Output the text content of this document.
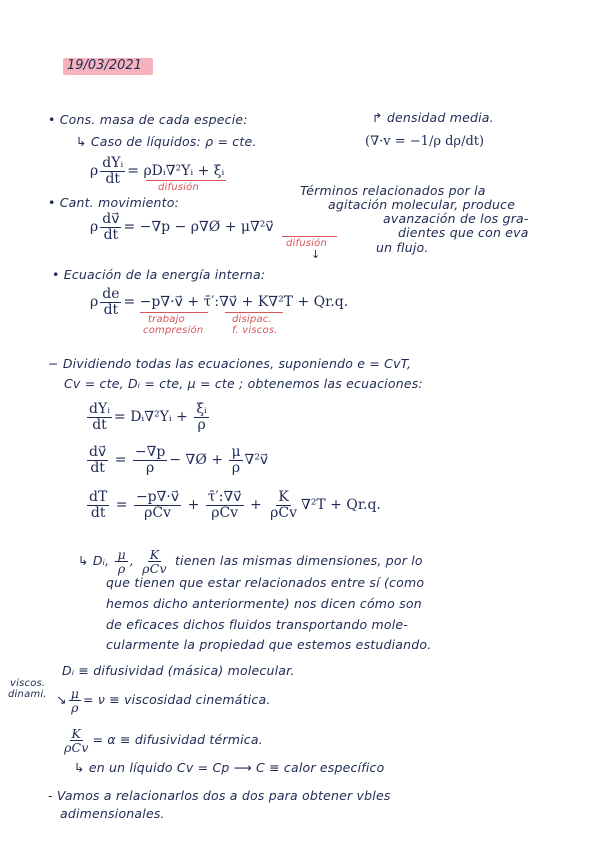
19/03/2021
• Cons. masa de cada especie:
↳ Caso de líquidos: ρ = cte.
↱ densidad media.
(∇·v = −1/ρ dρ/dt)
ρ $\frac{\text{dYᵢ}}{dt}$ = ρDᵢ∇²Yᵢ + ξᵢ
difusión
• Cant. movimiento:
ρ $\frac{dv⃗}{dt} = -\nabla p$ − ρ∇Ø + μ∇²v⃗
difusión
Términos relacionados por la
agitación molecular, produce
avanzación de los gra-
dientes que con eva
un flujo.
↓
• Ecuación de la energía interna:
ρ $\frac{de}{dt}$ = −p∇·v⃗ + τ̄′:∇v⃗ + K∇²T + Qr.q.
trabajo
compresión
disipac.
f. viscos.
− Dividiendo todas las ecuaciones, suponiendo e = CvT,
Cv = cte, Dᵢ = cte, μ = cte ; obtenemos las ecuaciones:
$\frac{\text{dYᵢ}}{dt}$ = Dᵢ∇²Yᵢ + $\frac{\text{ξᵢ}}{\rho}$
$\frac{dv⃗}{dt} = \frac{-\nabla p}{\rho}$ − ∇Ø + $\frac{\mu}{\rho}$ ∇²v⃗
$\frac{dT}{dt} = \frac{-p\nabla\cdot v⃗}{\text{ρCv}} + \frac{\taū':\nabla v⃗}{\text{ρCv}} + \frac{K}{\text{ρCv}} \nabla^2T + Qr.q$.
↳ Dᵢ, $\frac{\mu}{\rho}$ , $\frac{K}{\text{ρCv}}$ tienen las mismas dimensiones, por lo
que tienen que estar relacionados entre sí (como
hemos dicho anteriormente) nos dicen cómo son
de eficaces dichos fluidos transportando mole-
cularmente la propiedad que estemos estudiando.
Dᵢ ≡ difusividad (másica) molecular.
viscos.
dinami. ↘ $\frac{\mu}{\rho} = \nu$ ≡ viscosidad cinemática.
$\frac{K}{\text{ρCv}} = \alpha$ ≡ difusividad térmica.
↳ en un líquido Cv = Cp ⟶ C ≡ calor específico
- Vamos a relacionarlos dos a dos para obtener vbles
adimensionales.
